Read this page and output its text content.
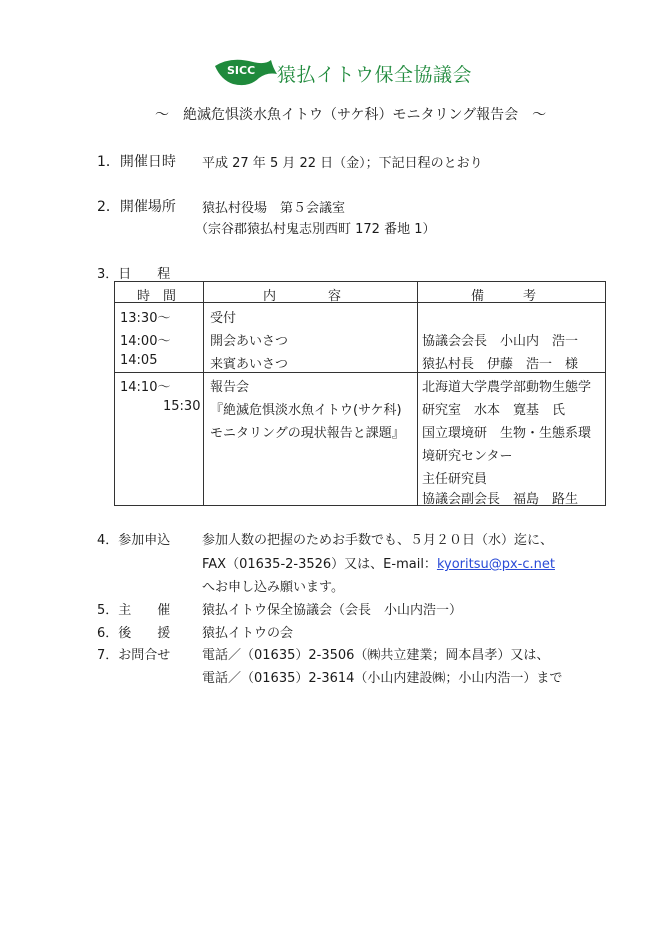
SICC 猿払イトウ保全協議会
～　絶滅危惧淡水魚イトウ（サケ科）モニタリング報告会　～
1．開催日時 平成 27 年 5 月 22 日（金）；下記日程のとおり
2．開催場所 猿払村役場　第５会議室
（宗谷郡猿払村鬼志別西町 172 番地 1）
3．日　　程
時　間	内　　　　容	備　　　考
13:30～
14:00～
14:05
14:10～
15:30
受付
開会あいさつ
来賓あいさつ
報告会
『絶滅危惧淡水魚イトウ(サケ科)
モニタリングの現状報告と課題』
協議会会長　小山内　浩一
猿払村長　伊藤　浩一　様
北海道大学農学部動物生態学
研究室　水本　寛基　氏
国立環境研　生物・生態系環
境研究センター
主任研究員
協議会副会長　福島　路生
4．参加申込 参加人数の把握のためお手数でも、５月２０日（水）迄に、
FAX（01635-2-3526）又は、E-mail：kyoritsu@px-c.net
へお申し込み願います。
5．主　　催 猿払イトウ保全協議会（会長　小山内浩一）
6．後　　援 猿払イトウの会
7．お問合せ 電話／（01635）2-3506（㈱共立建業；岡本昌孝）又は、
電話／（01635）2-3614（小山内建設㈱；小山内浩一）まで
